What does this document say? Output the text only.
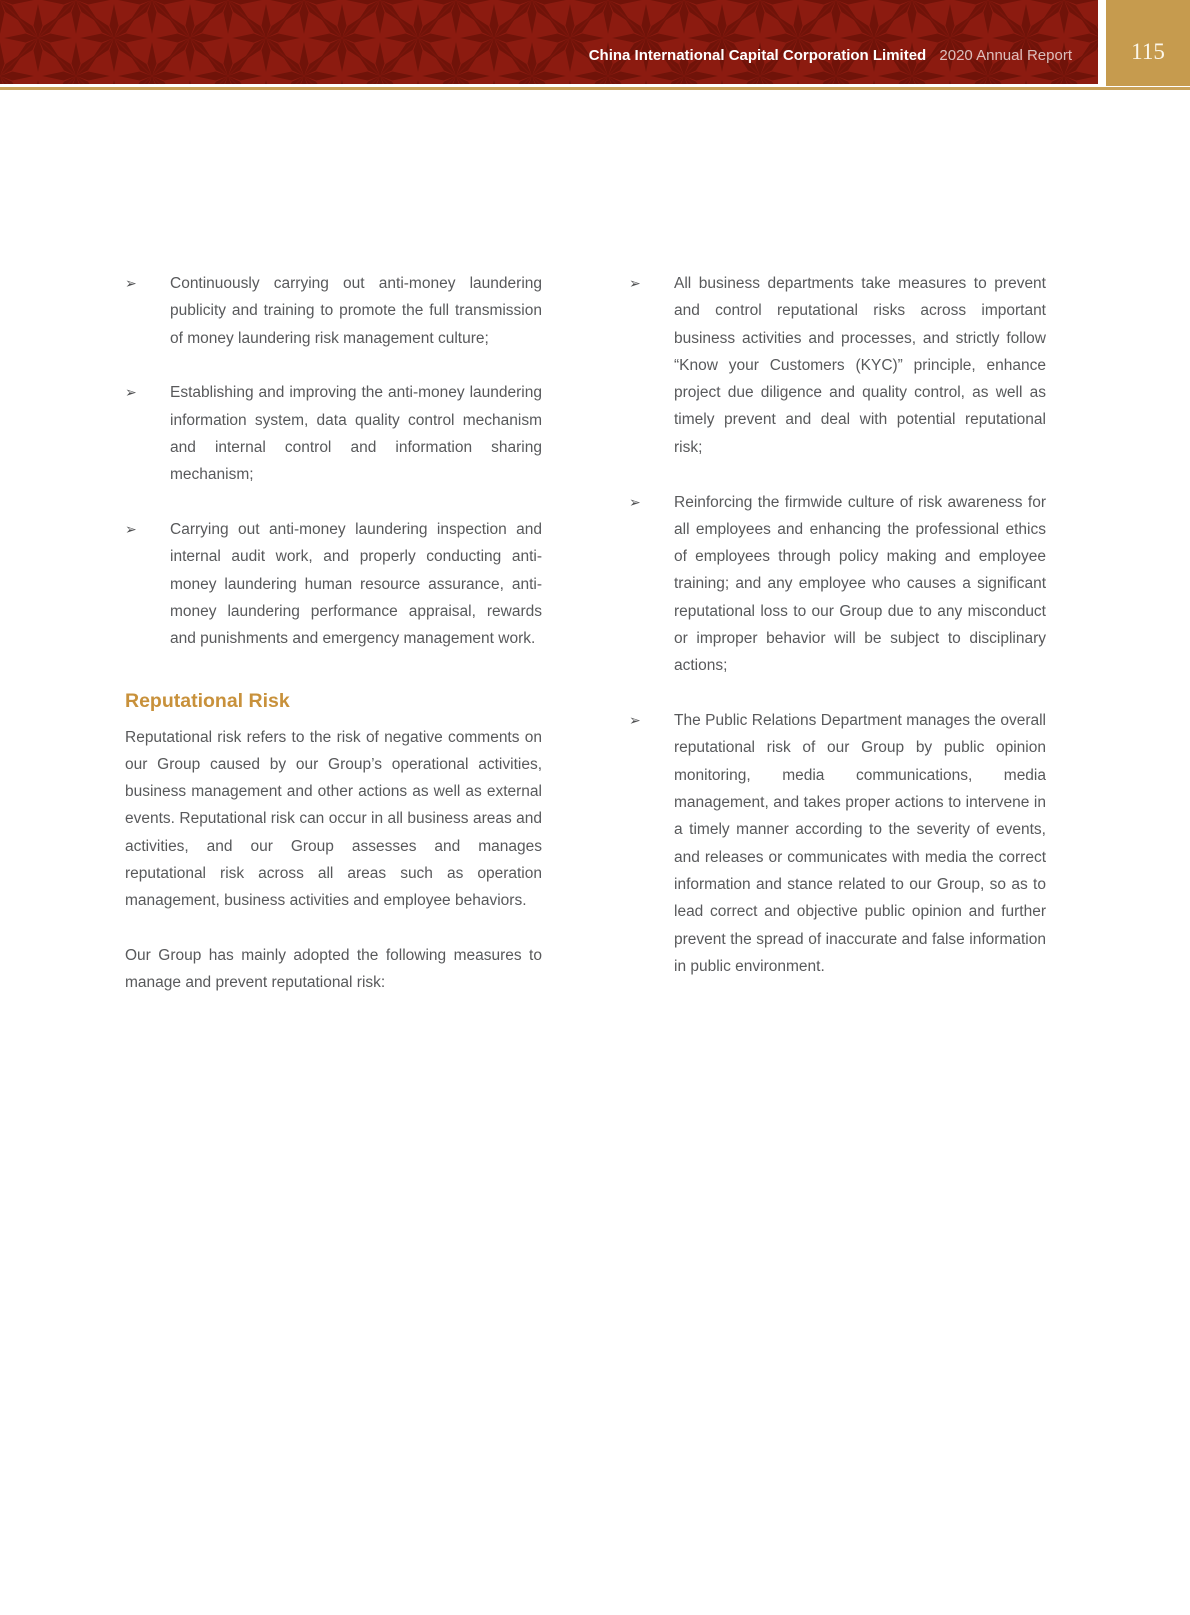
China International Capital Corporation Limited 2020 Annual Report	115
➢	Continuously carrying out anti-money laundering publicity and training to promote the full transmission of money laundering risk management culture;
➢	Establishing and improving the anti-money laundering information system, data quality control mechanism and internal control and information sharing mechanism;
➢	Carrying out anti-money laundering inspection and internal audit work, and properly conducting anti-money laundering human resource assurance, anti-money laundering performance appraisal, rewards and punishments and emergency management work.
Reputational Risk

Reputational risk refers to the risk of negative comments on our Group caused by our Group’s operational activities, business management and other actions as well as external events. Reputational risk can occur in all business areas and activities, and our Group assesses and manages reputational risk across all areas such as operation management, business activities and employee behaviors.

Our Group has mainly adopted the following measures to manage and prevent reputational risk:

➢	All business departments take measures to prevent and control reputational risks across important business activities and processes, and strictly follow “Know your Customers (KYC)” principle, enhance project due diligence and quality control, as well as timely prevent and deal with potential reputational risk;
➢	Reinforcing the firmwide culture of risk awareness for all employees and enhancing the professional ethics of employees through policy making and employee training; and any employee who causes a significant reputational loss to our Group due to any misconduct or improper behavior will be subject to disciplinary actions;
➢	The Public Relations Department manages the overall reputational risk of our Group by public opinion monitoring, media communications, media management, and takes proper actions to intervene in a timely manner according to the severity of events, and releases or communicates with media the correct information and stance related to our Group, so as to lead correct and objective public opinion and further prevent the spread of inaccurate and false information in public environment.
